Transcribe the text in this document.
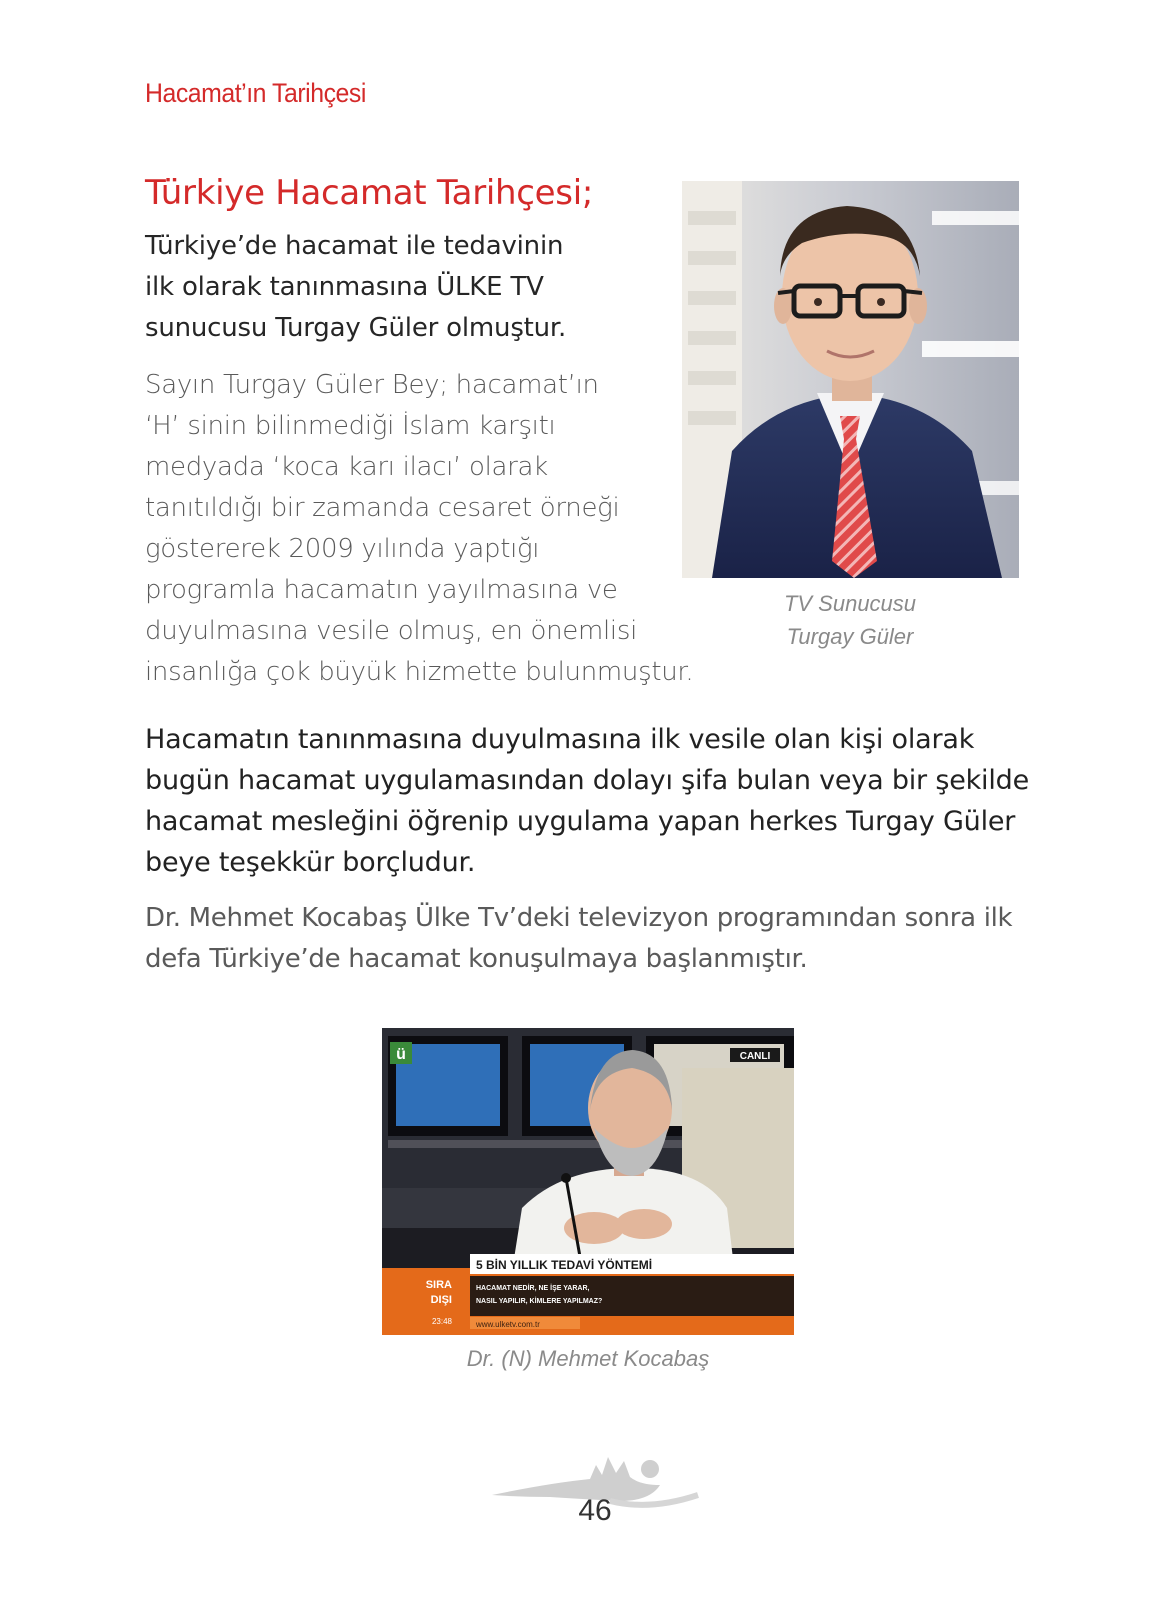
Hacamat’ın Tarihçesi
Türkiye Hacamat Tarihçesi;

Türkiye’de hacamat ile tedavinin
ilk olarak tanınmasına ÜLKE TV
sunucusu Turgay Güler olmuştur.

Sayın Turgay Güler Bey; hacamat’ın
‘H’ sinin bilinmediği İslam karşıtı
medyada ‘koca karı ilacı’ olarak
tanıtıldığı bir zamanda cesaret örneği
göstererek 2009 yılında yaptığı
programla hacamatın yayılmasına ve
duyulmasına vesile olmuş, en önemlisi
insanlığa çok büyük hizmette bulunmuştur.

TV Sunucusu
Turgay Güler

Hacamatın tanınmasına duyulmasına ilk vesile olan kişi olarak
bugün hacamat uygulamasından dolayı şifa bulan veya bir şekilde
hacamat mesleğini öğrenip uygulama yapan herkes Turgay Güler
beye teşekkür borçludur.

Dr. Mehmet Kocabaş Ülke Tv’deki televizyon programından sonra ilk
defa Türkiye’de hacamat konuşulmaya başlanmıştır.

ü	CANLI
5 BİN YILLIK TEDAVİ YÖNTEMİ
HACAMAT NEDİR, NE İŞE YARAR,
NASIL YAPILIR, KİMLERE YAPILMAZ?
www.ulketv.com.tr
SIRA
DIŞI
23:48
Dr. (N) Mehmet Kocabaş
46
